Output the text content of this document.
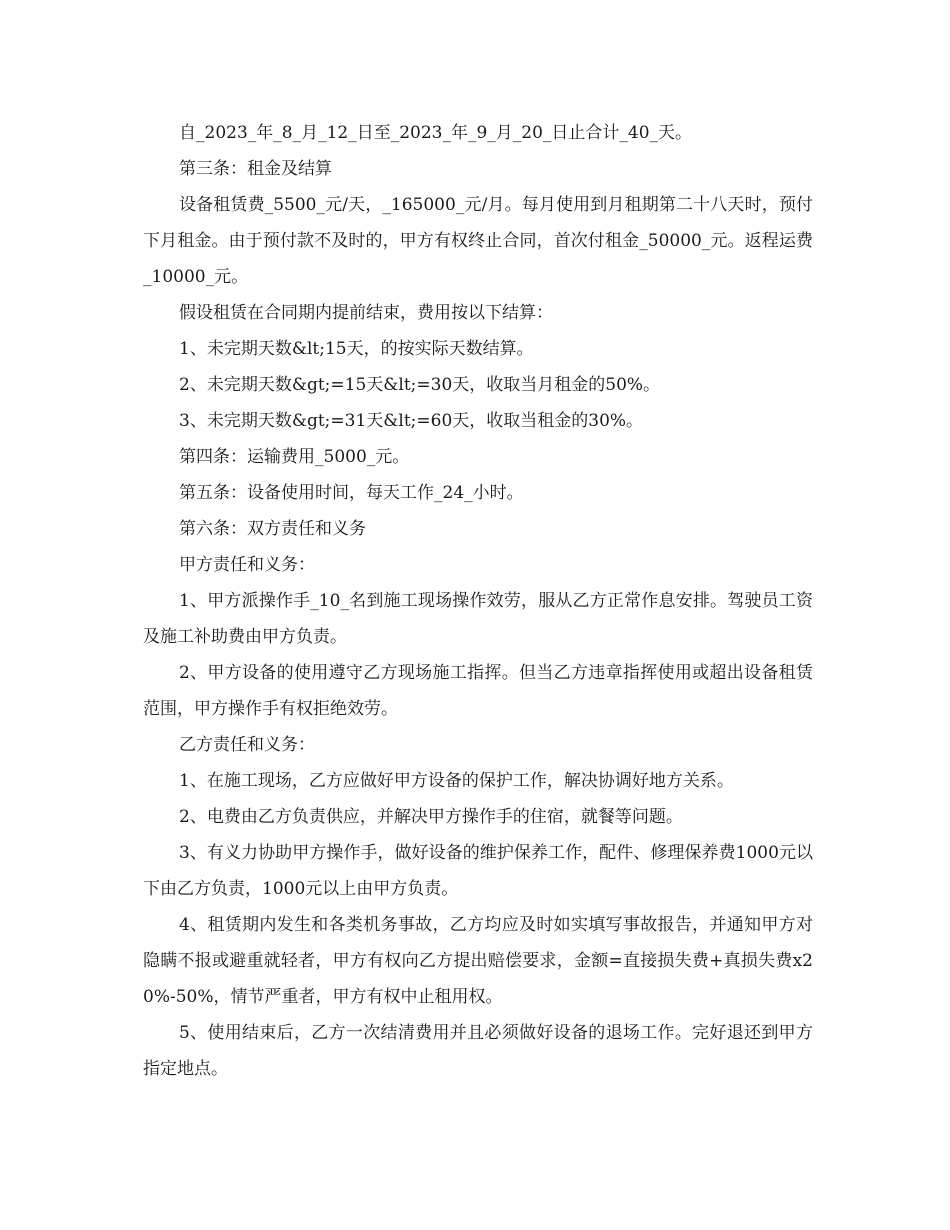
自_2023_年_8_月_12_日至_2023_年_9_月_20_日止合计_40_天。

第三条：租金及结算

设备租赁费_5500_元/天，_165000_元/月。每月使用到月租期第二十八天时，预付下月租金。由于预付款不及时的，甲方有权终止合同，首次付租金_50000_元。返程运费_10000_元。

假设租赁在合同期内提前结束，费用按以下结算：

1、未完期天数&lt;15天，的按实际天数结算。

2、未完期天数&gt;=15天&lt;=30天，收取当月租金的50%。

3、未完期天数&gt;=31天&lt;=60天，收取当租金的30%。

第四条：运输费用_5000_元。

第五条：设备使用时间，每天工作_24_小时。

第六条：双方责任和义务

甲方责任和义务：

1、甲方派操作手_10_名到施工现场操作效劳，服从乙方正常作息安排。驾驶员工资及施工补助费由甲方负责。

2、甲方设备的使用遵守乙方现场施工指挥。但当乙方违章指挥使用或超出设备租赁范围，甲方操作手有权拒绝效劳。

乙方责任和义务：

1、在施工现场，乙方应做好甲方设备的保护工作，解决协调好地方关系。

2、电费由乙方负责供应，并解决甲方操作手的住宿，就餐等问题。

3、有义力协助甲方操作手，做好设备的维护保养工作，配件、修理保养费1000元以下由乙方负责，1000元以上由甲方负责。

4、租赁期内发生和各类机务事故，乙方均应及时如实填写事故报告，并通知甲方对隐瞒不报或避重就轻者，甲方有权向乙方提出赔偿要求，金额=直接损失费+真损失费x20%-50%，情节严重者，甲方有权中止租用权。

5、使用结束后，乙方一次结清费用并且必须做好设备的退场工作。完好退还到甲方指定地点。
